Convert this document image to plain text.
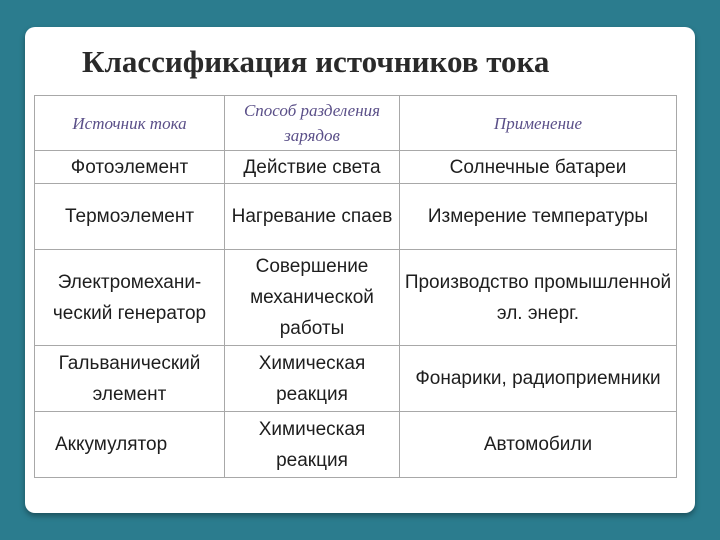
Классификация источников тока
Источник тока	Способ разделения зарядов	Применение
Фотоэлемент	Действие света	Солнечные батареи
Термоэлемент	Нагревание спаев	Измерение температуры
Электромехани-ческий генератор	Совершение механической работы	Производство промышленной эл. энерг.
Гальванический элемент	Химическая реакция	Фонарики, радиоприемники
Аккумулятор	Химическая реакция	Автомобили
